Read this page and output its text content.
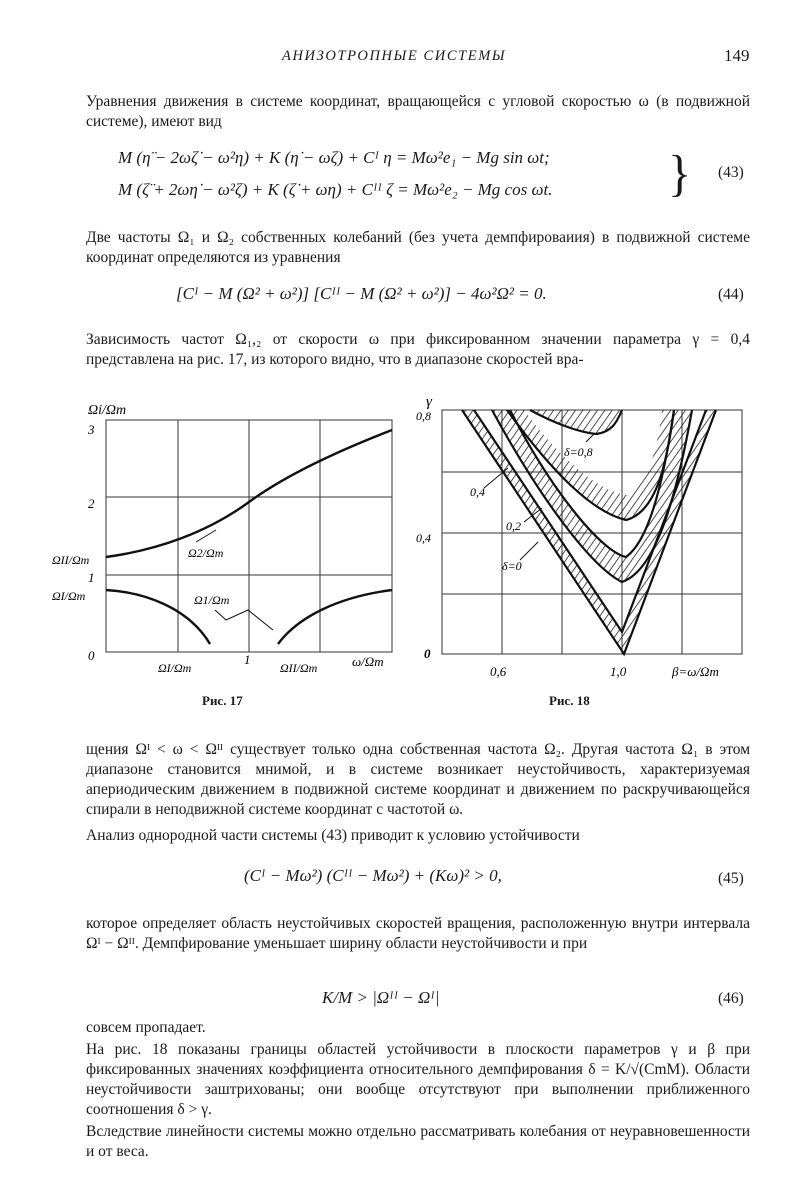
АНИЗОТРОПНЫЕ СИСТЕМЫ	149

Уравнения движения в системе координат, вращающейся с угловой скоростью ω (в подвижной системе), имеют вид

M (η̈ − 2ωζ̇ − ω²η) + K (η̇ − ωζ) + Cᴵ η = Mω²e₁ − Mg sin ωt;
M (ζ̈ + 2ωη̇ − ω²ζ) + K (ζ̇ + ωη) + Cᴵᴵ ζ = Mω²e₂ − Mg cos ωt. } (43)

Две частоты Ω₁ и Ω₂ собственных колебаний (без учета демпфироваиия) в подвижной системе координат определяются из уравнения

[Cᴵ − M (Ω² + ω²)] [Cᴵᴵ − M (Ω² + ω²)] − 4ω²Ω² = 0.	(44)

Зависимость частот Ω₁,₂ от скорости ω при фиксированном значении параметра γ = 0,4 представлена на рис. 17, из которого видно, что в диапазоне скоростей вра-

Ωi/Ωm
3
2
1
0
ΩII/Ωm
ΩI/Ωm
Ω2/Ωm
Ω1/Ωm
ΩI/Ωm
1
ΩII/Ωm	ω/Ωm
Рис. 17
γ
0,8
0,4
0
0,6	1,0	β=ω/Ωm
δ=0,8
0,4
0,2
δ=0
Рис. 18

щения Ωᴵ < ω < Ωᴵᴵ существует только одна собственная частота Ω₂. Другая частота Ω₁ в этом диапазоне становится мнимой, и в системе возникает неустойчивость, характеризуемая апериодическим движением в подвижной системе координат и движением по раскручивающейся спирали в неподвижной системе координат с частотой ω.

Анализ однородной части системы (43) приводит к условию устойчивости

(Cᴵ − Mω²) (Cᴵᴵ − Mω²) + (Kω)² > 0,	(45)

которое определяет область неустойчивых скоростей вращения, расположенную внутри интервала Ωᴵ − Ωᴵᴵ. Демпфирование уменьшает ширину области неустойчивости и при

K/M > |Ωᴵᴵ − Ωᴵ|	(46)

совсем пропадает.

На рис. 18 показаны границы областей устойчивости в плоскости параметров γ и β при фиксированных значениях коэффициента относительного демпфирования δ = K/√(CmM). Области неустойчивости заштрихованы; они вообще отсутствуют при выполнении приближенного соотношения δ > γ.

Вследствие линейности системы можно отдельно рассматривать колебания от неуравновешенности и от веса.
